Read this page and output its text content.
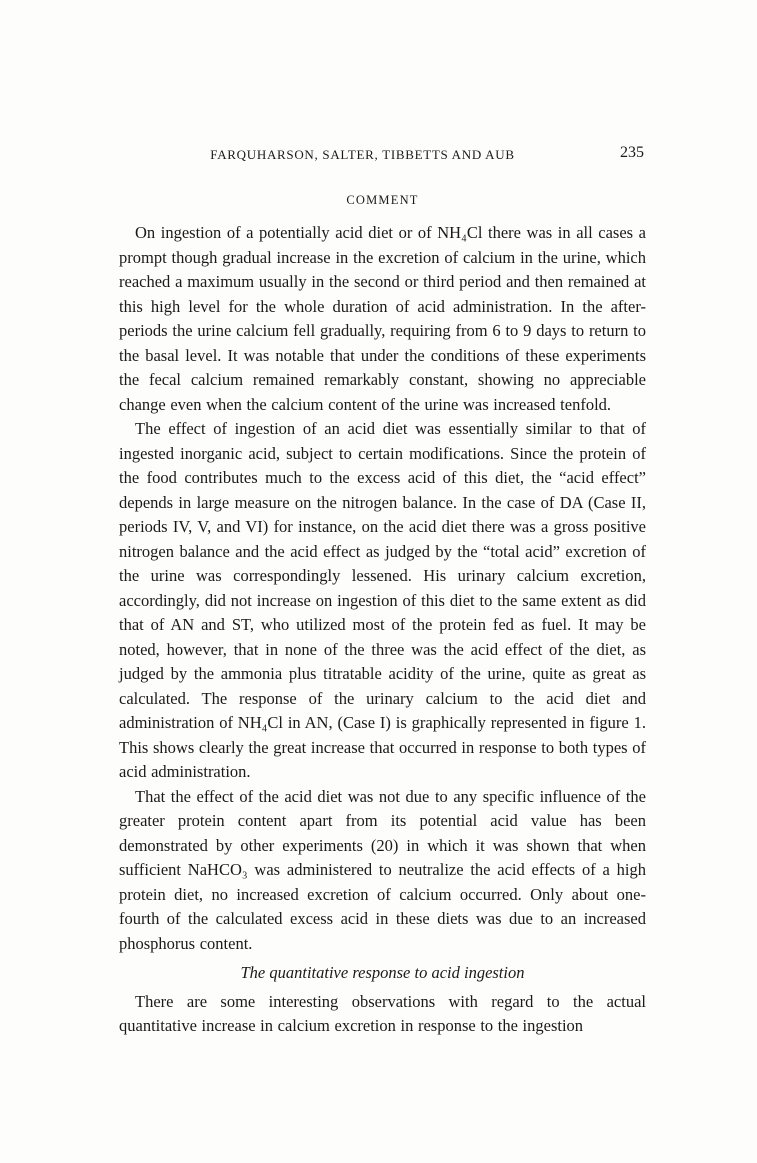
FARQUHARSON, SALTER, TIBBETTS AND AUB	235
COMMENT

On ingestion of a potentially acid diet or of NH₄Cl there was in all cases a prompt though gradual increase in the excretion of calcium in the urine, which reached a maximum usually in the second or third period and then remained at this high level for the whole duration of acid administration. In the after-periods the urine calcium fell gradually, requiring from 6 to 9 days to return to the basal level. It was notable that under the conditions of these experiments the fecal calcium remained remarkably constant, showing no appreciable change even when the calcium content of the urine was increased tenfold.

The effect of ingestion of an acid diet was essentially similar to that of ingested inorganic acid, subject to certain modifications. Since the protein of the food contributes much to the excess acid of this diet, the “acid effect” depends in large measure on the nitrogen balance. In the case of DA (Case II, periods IV, V, and VI) for instance, on the acid diet there was a gross positive nitrogen balance and the acid effect as judged by the “total acid” excretion of the urine was correspondingly lessened. His urinary calcium excretion, accordingly, did not increase on ingestion of this diet to the same extent as did that of AN and ST, who utilized most of the protein fed as fuel. It may be noted, however, that in none of the three was the acid effect of the diet, as judged by the ammonia plus titratable acidity of the urine, quite as great as calculated. The response of the urinary calcium to the acid diet and administration of NH₄Cl in AN, (Case I) is graphically represented in figure 1. This shows clearly the great increase that occurred in response to both types of acid administration.

That the effect of the acid diet was not due to any specific influence of the greater protein content apart from its potential acid value has been demonstrated by other experiments (20) in which it was shown that when sufficient NaHCO₃ was administered to neutralize the acid effects of a high protein diet, no increased excretion of calcium occurred. Only about one-fourth of the calculated excess acid in these diets was due to an increased phosphorus content.

The quantitative response to acid ingestion

There are some interesting observations with regard to the actual quantitative increase in calcium excretion in response to the ingestion
